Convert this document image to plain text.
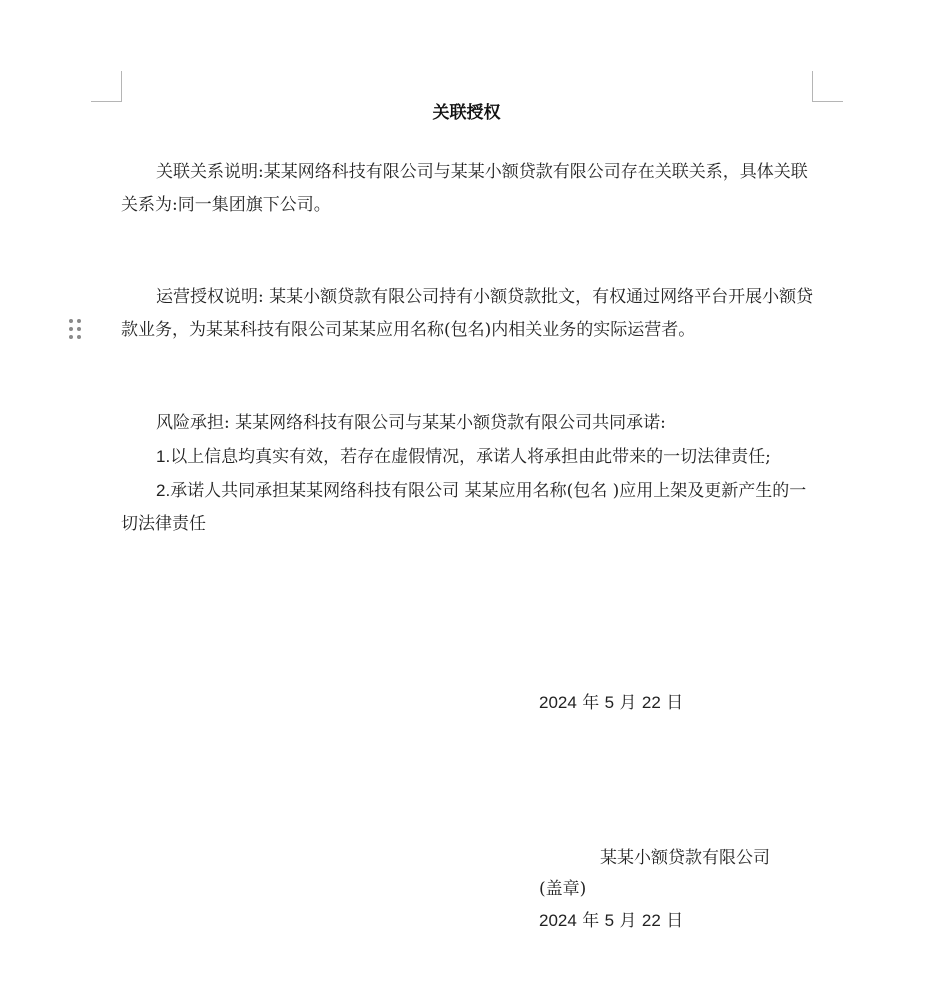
关联授权

关联关系说明:某某网络科技有限公司与某某小额贷款有限公司存在关联关系，具体关联关系为:同一集团旗下公司。

运营授权说明: 某某小额贷款有限公司持有小额贷款批文，有权通过网络平台开展小额贷款业务，为某某科技有限公司某某应用名称(包名)内相关业务的实际运营者。

风险承担: 某某网络科技有限公司与某某小额贷款有限公司共同承诺:
1.以上信息均真实有效，若存在虚假情况，承诺人将承担由此带来的一切法律责任;
2.承诺人共同承担某某网络科技有限公司 某某应用名称(包名 )应用上架及更新产生的一切法律责任
2024 年 5 月 22 日
某某小额贷款有限公司
(盖章)
2024 年 5 月 22 日
